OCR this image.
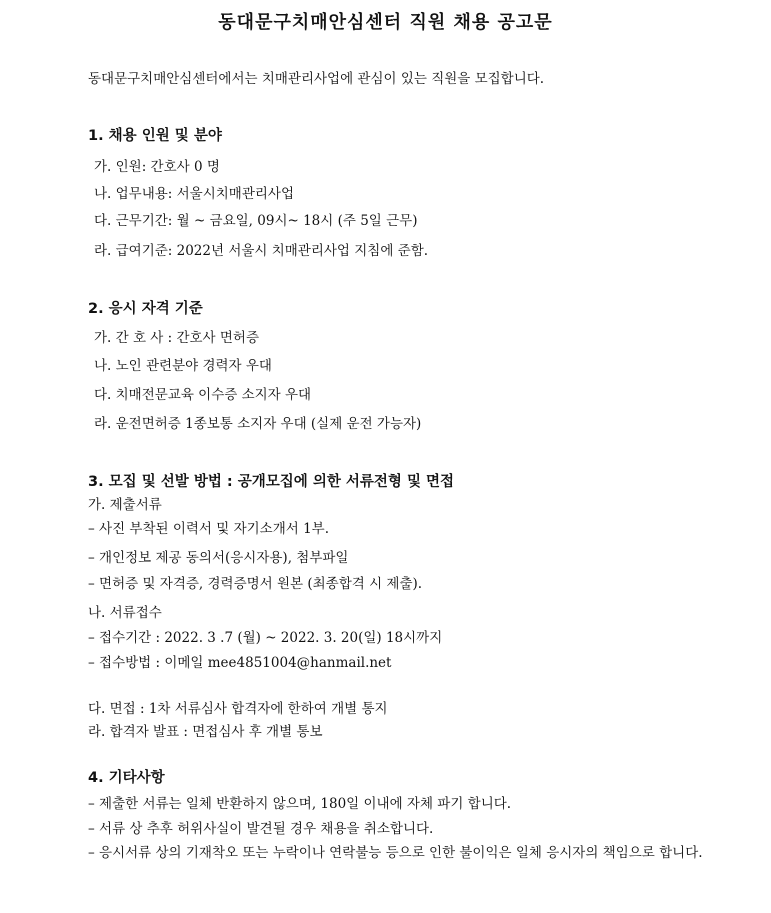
동대문구치매안심센터 직원 채용 공고문
동대문구치매안심센터에서는 치매관리사업에 관심이 있는 직원을 모집합니다.
1. 채용 인원 및 분야
가. 인원: 간호사 0 명
나. 업무내용: 서울시치매관리사업
다. 근무기간: 월 ~ 금요일, 09시~ 18시 (주 5일 근무)
라. 급여기준: 2022년 서울시 치매관리사업 지침에 준함.
2. 응시 자격 기준
가. 간 호 사 : 간호사 면허증
나. 노인 관련분야 경력자 우대
다. 치매전문교육 이수증 소지자 우대
라. 운전면허증 1종보통 소지자 우대 (실제 운전 가능자)
3. 모집 및 선발 방법 : 공개모집에 의한 서류전형 및 면접
가. 제출서류
– 사진 부착된 이력서 및 자기소개서 1부.
– 개인정보 제공 동의서(응시자용), 첨부파일
– 면허증 및 자격증, 경력증명서 원본 (최종합격 시 제출).
나. 서류접수
– 접수기간 : 2022. 3 .7 (월) ~ 2022. 3. 20(일) 18시까지
– 접수방법 : 이메일 mee4851004@hanmail.net
다. 면접 : 1차 서류심사 합격자에 한하여 개별 통지
라. 합격자 발표 : 면접심사 후 개별 통보
4. 기타사항
– 제출한 서류는 일체 반환하지 않으며, 180일 이내에 자체 파기 합니다.
– 서류 상 추후 허위사실이 발견될 경우 채용을 취소합니다.
– 응시서류 상의 기재착오 또는 누락이나 연락불능 등으로 인한 불이익은 일체 응시자의 책임으로 합니다.
